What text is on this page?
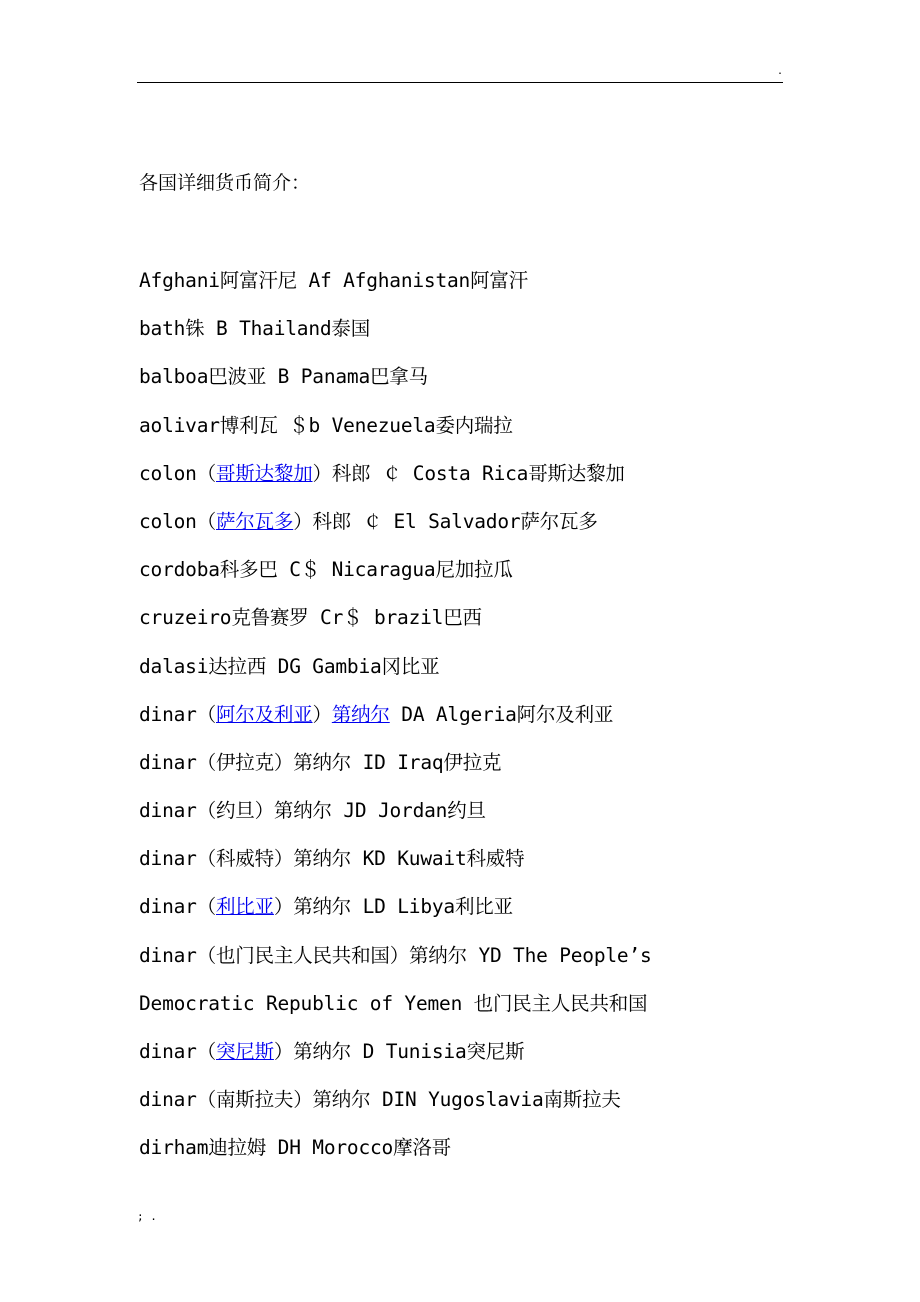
.
各国详细货币简介：
Afghani阿富汗尼 Af Afghanistan阿富汗
bath铢 B Thailand泰国
balboa巴波亚 B Panama巴拿马
aolivar博利瓦 ＄b Venezuela委内瑞拉
colon（哥斯达黎加）科郎 ￠ Costa Rica哥斯达黎加
colon（萨尔瓦多）科郎 ￠ El Salvador萨尔瓦多
cordoba科多巴 C＄ Nicaragua尼加拉瓜
cruzeiro克鲁赛罗 Cr＄ brazil巴西
dalasi达拉西 DG Gambia冈比亚
dinar（阿尔及利亚）第纳尔 DA Algeria阿尔及利亚
dinar（伊拉克）第纳尔 ID Iraq伊拉克
dinar（约旦）第纳尔 JD Jordan约旦
dinar（科威特）第纳尔 KD Kuwait科威特
dinar（利比亚）第纳尔 LD Libya利比亚
dinar（也门民主人民共和国）第纳尔 YD The People’s
Democratic Republic of Yemen 也门民主人民共和国
dinar（突尼斯）第纳尔 D Tunisia突尼斯
dinar（南斯拉夫）第纳尔 DIN Yugoslavia南斯拉夫
dirham迪拉姆 DH Morocco摩洛哥
; .
